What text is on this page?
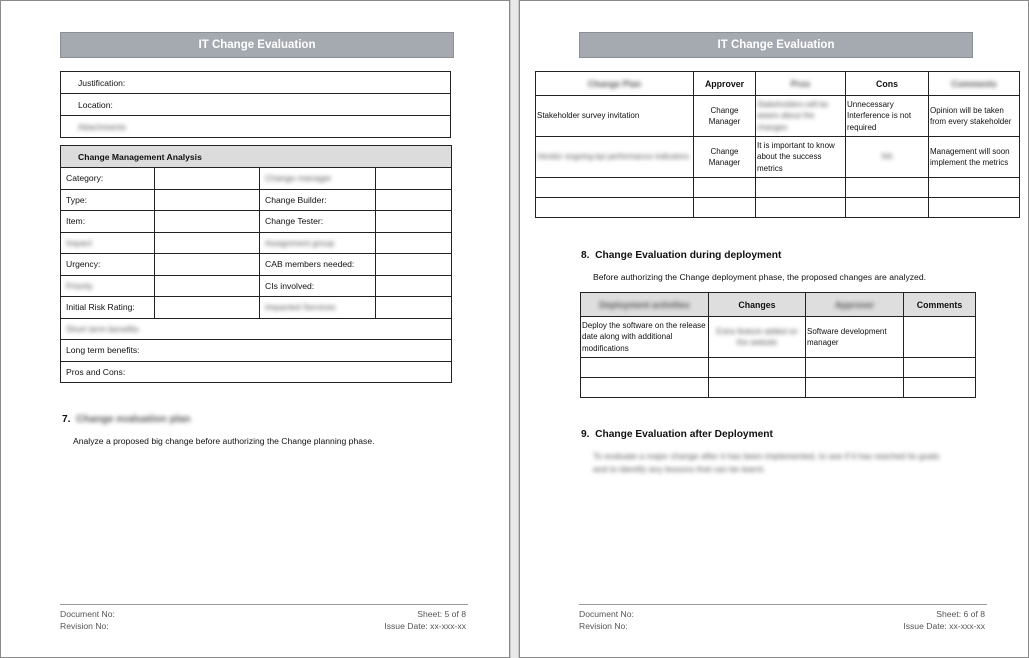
IT Change Evaluation
Justification:
Location:
Attachments
Change Management Analysis			
Category:		Change manager	
Type:		Change Builder:	
Item:		Change Tester:	
Impact		Assignment group	
Urgency:		CAB members needed:	
Priority		CIs involved:	
Initial Risk Rating:		Impacted Services	
Short term benefits			
Long term benefits:			
Pros and Cons:			
7. Change evaluation plan
Analyze a proposed big change before authorizing the Change planning phase.
Document No:
Revision No:
Sheet: 5 of 8
Issue Date: xx-xxx-xx
IT Change Evaluation
Change Plan	Approver	Pros	Cons	Comments
Stakeholder survey invitation	Change Manager	Stakeholders will be aware about the changes	Unnecessary Interference is not required	Opinion will be taken from every stakeholder
Vendor ongoing kpi performance indicators	Change Manager	It is important to know about the success metrics	NA	Management will soon implement the metrics

8. Change Evaluation during deployment
Before authorizing the Change deployment phase, the proposed changes are analyzed.
Deployment activities	Changes	Approver	Comments
Deploy the software on the release date along with additional modifications	Extra feature added on the website	Software development manager	

9. Change Evaluation after Deployment
To evaluate a major change after it has been implemented, to see if it has reached its goals
and to identify any lessons that can be learnt.
Document No:
Revision No:
Sheet: 6 of 8
Issue Date: xx-xxx-xx
